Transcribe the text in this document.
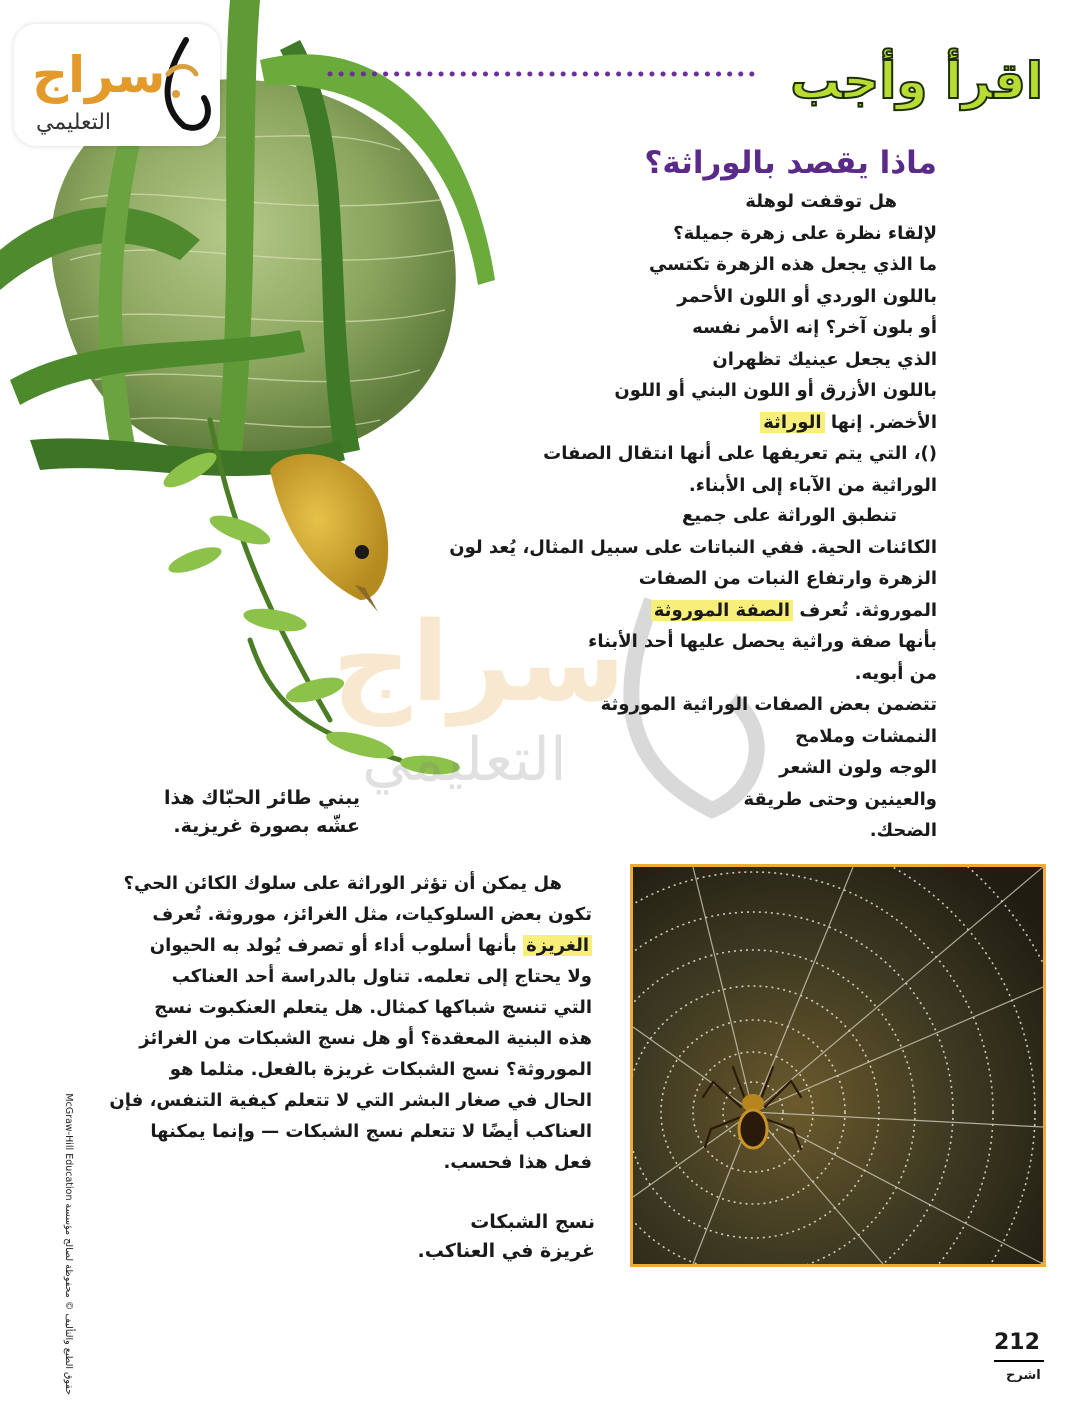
سراج
التعليمي
سراج
التعليمي
اقرأ وأجب
ماذا يقصد بالوراثة؟

هل توقفت لوهلة

لإلقاء نظرة على زهرة جميلة؟

ما الذي يجعل هذه الزهرة تكتسي

باللون الوردي أو اللون الأحمر

أو بلون آخر؟ إنه الأمر نفسه

الذي يجعل عينيك تظهران

باللون الأزرق أو اللون البني أو اللون

الأخضر. إنها الوراثة

()، التي يتم تعريفها على أنها انتقال الصفات

الوراثية من الآباء إلى الأبناء.

تنطبق الوراثة على جميع

الكائنات الحية. ففي النباتات على سبيل المثال، يُعد لون

الزهرة وارتفاع النبات من الصفات

الموروثة. تُعرف الصفة الموروثة

بأنها صفة وراثية يحصل عليها أحد الأبناء

من أبويه.

تتضمن بعض الصفات الوراثية الموروثة

النمشات وملامح

الوجه ولون الشعر

والعينين وحتى طريقة

الضحك.

يبني طائر الحبّاك هذا
عشّه بصورة غريزية.

هل يمكن أن تؤثر الوراثة على سلوك الكائن الحي؟

تكون بعض السلوكيات، مثل الغرائز، موروثة. تُعرف

الغريزة بأنها أسلوب أداء أو تصرف يُولد به الحيوان

ولا يحتاج إلى تعلمه. تناول بالدراسة أحد العناكب

التي تنسج شباكها كمثال. هل يتعلم العنكبوت نسج

هذه البنية المعقدة؟ أو هل نسج الشبكات من الغرائز

الموروثة؟ نسج الشبكات غريزة بالفعل. مثلما هو

الحال في صغار البشر التي لا تتعلم كيفية التنفس، فإن

العناكب أيضًا لا تتعلم نسج الشبكات — وإنما يمكنها

فعل هذا فحسب.

نسج الشبكات
غريزة في العناكب.
حقوق الطبع والتأليف © محفوظة لصالح مؤسسة McGraw-Hill Education	212
اشرح
